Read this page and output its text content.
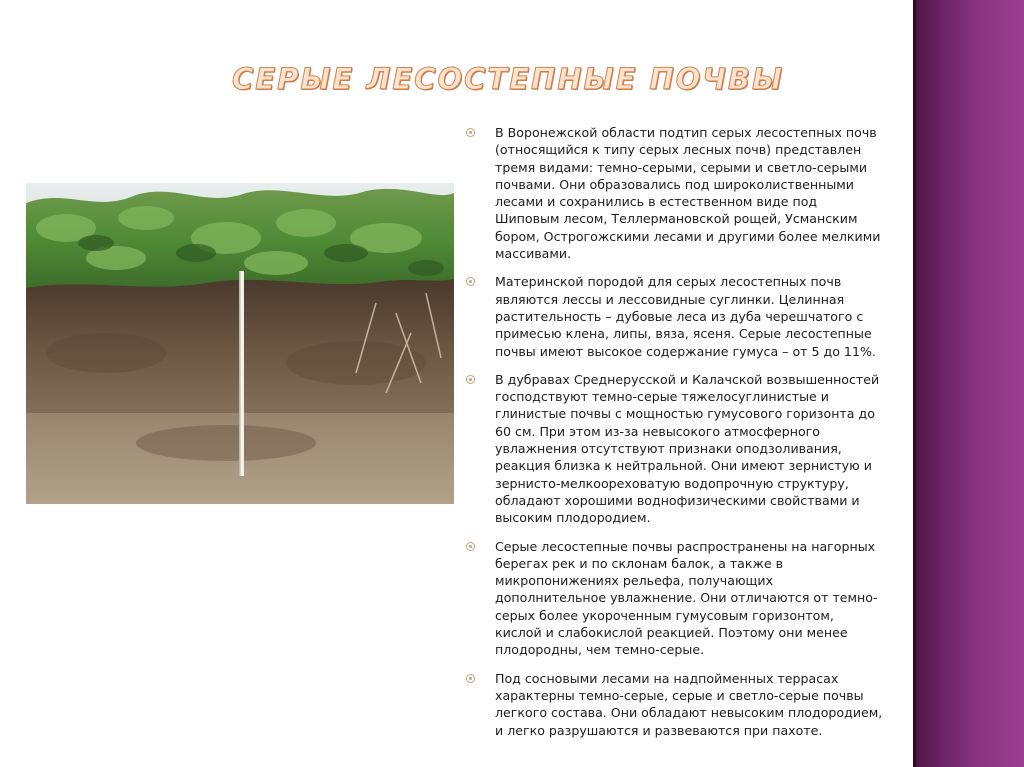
СЕРЫЕ ЛЕСОСТЕПНЫЕ ПОЧВЫ
В Воронежской области подтип серых лесостепных почв (относящийся к типу серых лесных почв) представлен тремя видами: темно-серыми, серыми и светло-серыми почвами. Они образовались под широколиственными лесами и сохранились в естественном виде под Шиповым лесом, Теллермановской рощей, Усманским бором, Острогожскими лесами и другими более мелкими массивами.
Материнской породой для серых лесостепных почв являются лессы и лессовидные суглинки. Целинная растительность – дубовые леса из дуба черешчатого с примесью клена, липы, вяза, ясеня. Серые лесостепные почвы имеют высокое содержание гумуса – от 5 до 11%.
В дубравах Среднерусской и Калачской возвышенностей господствуют темно-серые тяжелосуглинистые и глинистые почвы с мощностью гумусового горизонта до 60 см. При этом из-за невысокого атмосферного увлажнения отсутствуют признаки оподзоливания, реакция близка к нейтральной. Они имеют зернистую и зернисто-мелкоореховатую водопрочную структуру, обладают хорошими воднофизическими свойствами и высоким плодородием.
Серые лесостепные почвы распространены на нагорных берегах рек и по склонам балок, а также в микропонижениях рельефа, получающих дополнительное увлажнение. Они отличаются от темно-серых более укороченным гумусовым горизонтом, кислой и слабокислой реакцией. Поэтому они менее плодородны, чем темно-серые.
Под сосновыми лесами на надпойменных террасах характерны темно-серые, серые и светло-серые почвы легкого состава. Они обладают невысоким плодородием, и легко разрушаются и развеваются при пахоте.
